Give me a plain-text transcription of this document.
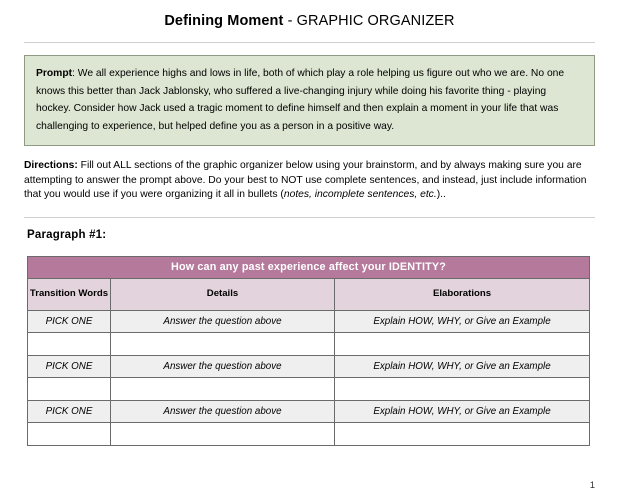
Defining Moment - GRAPHIC ORGANIZER
Prompt: We all experience highs and lows in life, both of which play a role helping us figure out who we are. No one knows this better than Jack Jablonsky, who suffered a live-changing injury while doing his favorite thing - playing hockey. Consider how Jack used a tragic moment to define himself and then explain a moment in your life that was challenging to experience, but helped define you as a person in a positive way.
Directions: Fill out ALL sections of the graphic organizer below using your brainstorm, and by always making sure you are attempting to answer the prompt above. Do your best to NOT use complete sentences, and instead, just include information that you would use if you were organizing it all in bullets (notes, incomplete sentences, etc.)..
Paragraph #1:
How can any past experience affect your IDENTITY?		
Transition Words	Details	Elaborations
PICK ONE	Answer the question above	Explain HOW, WHY, or Give an Example

PICK ONE	Answer the question above	Explain HOW, WHY, or Give an Example

PICK ONE	Answer the question above	Explain HOW, WHY, or Give an Example

1
